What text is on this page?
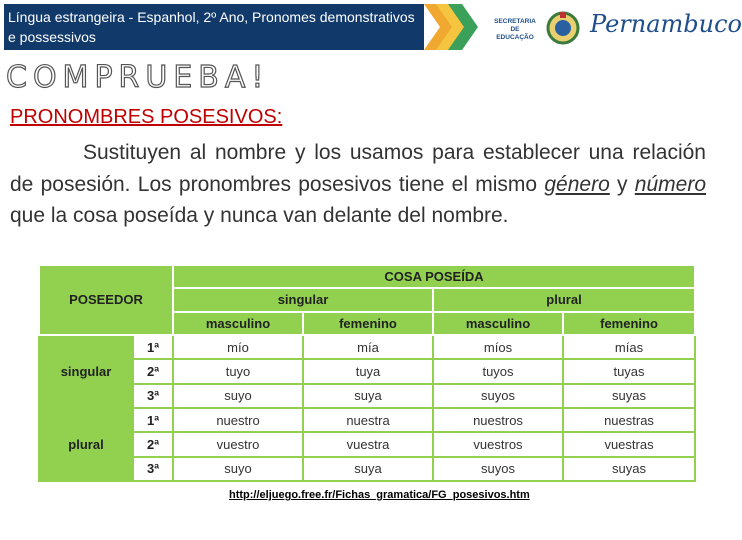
Língua estrangeira - Espanhol, 2º Ano, Pronomes demonstrativos e possessivos
SECRETARIA DE EDUCAÇÃO Pernambuco
COMPRUEBA!
PRONOMBRES POSESIVOS:
Sustituyen al nombre y los usamos para establecer una relación de posesión. Los pronombres posesivos tiene el mismo género y número que la cosa poseída y nunca van delante del nombre.
POSEEDOR		COSA POSEÍDA			
		singular		plural	
		masculino	femenino	masculino	femenino
singular	1ª	mío	mía	míos	mías
	2ª	tuyo	tuya	tuyos	tuyas
	3ª	suyo	suya	suyos	suyas
plural	1ª	nuestro	nuestra	nuestros	nuestras
	2ª	vuestro	vuestra	vuestros	vuestras
	3ª	suyo	suya	suyos	suyas
http://eljuego.free.fr/Fichas_gramatica/FG_posesivos.htm
